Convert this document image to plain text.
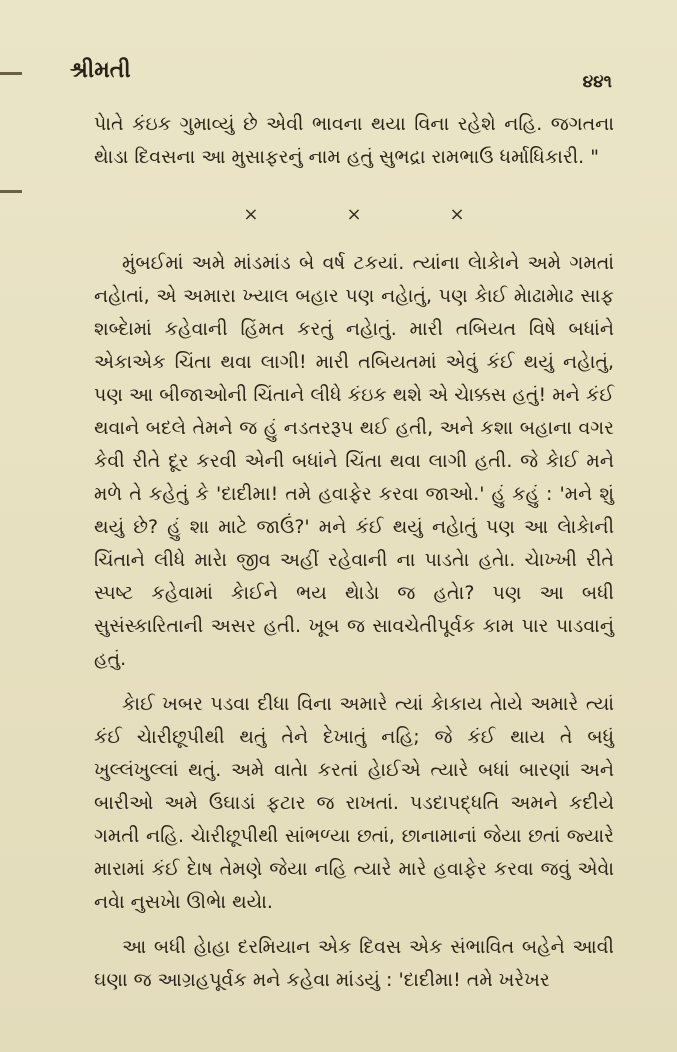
શ્રીમતી	૪૪૧

પેાતે કંઇક ગુમાવ્યું છે એવી ભાવના થયા વિના રહેશે નહિ. જગતના થેાડા દિવસના આ મુસાફરનું નામ હતું સુભદ્રા રામભાઉ ધર્માધિકારી. "

×	×	×

મુંબઈમાં અમે માંડમાંડ બે વર્ષ ટકયાં. ત્યાંના લેાકેાને અમે ગમતાં નહેાતાં, એ અમારા ખ્યાલ બહાર પણ નહેાતું, પણ કેાઈ મેાઢામેાઢ સાફ શબ્દેામાં કહેવાની હિંમત કરતું નહેાતું. મારી તબિયત વિષે બધાંને એકાએક ચિંતા થવા લાગી! મારી તબિયતમાં એવું કંઈ થયું નહેાતું, પણ આ બીજાઓની ચિંતાને લીધે કંઇક થશે એ ચેાક્કસ હતું! મને કંઈ થવાને બદલે તેમને જ હું નડતરરૂપ થઈ હતી, અને કશા બહાના વગર કેવી રીતે દૂર કરવી એની બધાંને ચિંતા થવા લાગી હતી. જે કેાઈ મને મળે તે કહેતું કે 'દાદીમા! તમે હવાફેર કરવા જાઓ.' હું કહું : 'મને શું થયું છે? હું શા માટે જાઉં?' મને કંઈ થયું નહેાતું પણ આ લેાકેાની ચિંતાને લીધે મારેા જીવ અહીં રહેવાની ના પાડતેા હતેા. ચેાખ્ખી રીતે સ્પષ્ટ કહેવામાં કેાઈને ભય થેાડેા જ હતેા? પણ આ બધી સુસંસ્કારિતાની અસર હતી. ખૂબ જ સાવચેતીપૂર્વક કામ પાર પાડવાનું હતું.

કેાઈ ખબર પડવા દીધા વિના અમારે ત્યાં કેાકાય તેાયે અમારે ત્યાં કંઈ ચેારીછૂપીથી થતું તેને દેખાતું નહિ; જે કંઈ થાય તે બધું ખુલ્લંખુલ્લાં થતું. અમે વાતેા કરતાં હેાઈએ ત્યારે બધાં બારણાં અને બારીઓ અમે ઉઘાડાં ફટાર જ રાખતાં. પડદાપદ્ધતિ અમને કદીયે ગમતી નહિ. ચેારીછૂપીથી સાંભળ્યા છતાં, છાનામાનાં જેયા છતાં જ્યારે મારામાં કંઈ દેાષ તેમણે જેયા નહિ ત્યારે મારે હવાફેર કરવા જવું એવેા નવેા નુસખેા ઊભેા થયેા.

આ બધી હેાહા દરમિયાન એક દિવસ એક સંભાવિત બહેને આવી ઘણા જ આગ્રહપૂર્વક મને કહેવા માંડયું : 'દાદીમા! તમે ખરેખર
